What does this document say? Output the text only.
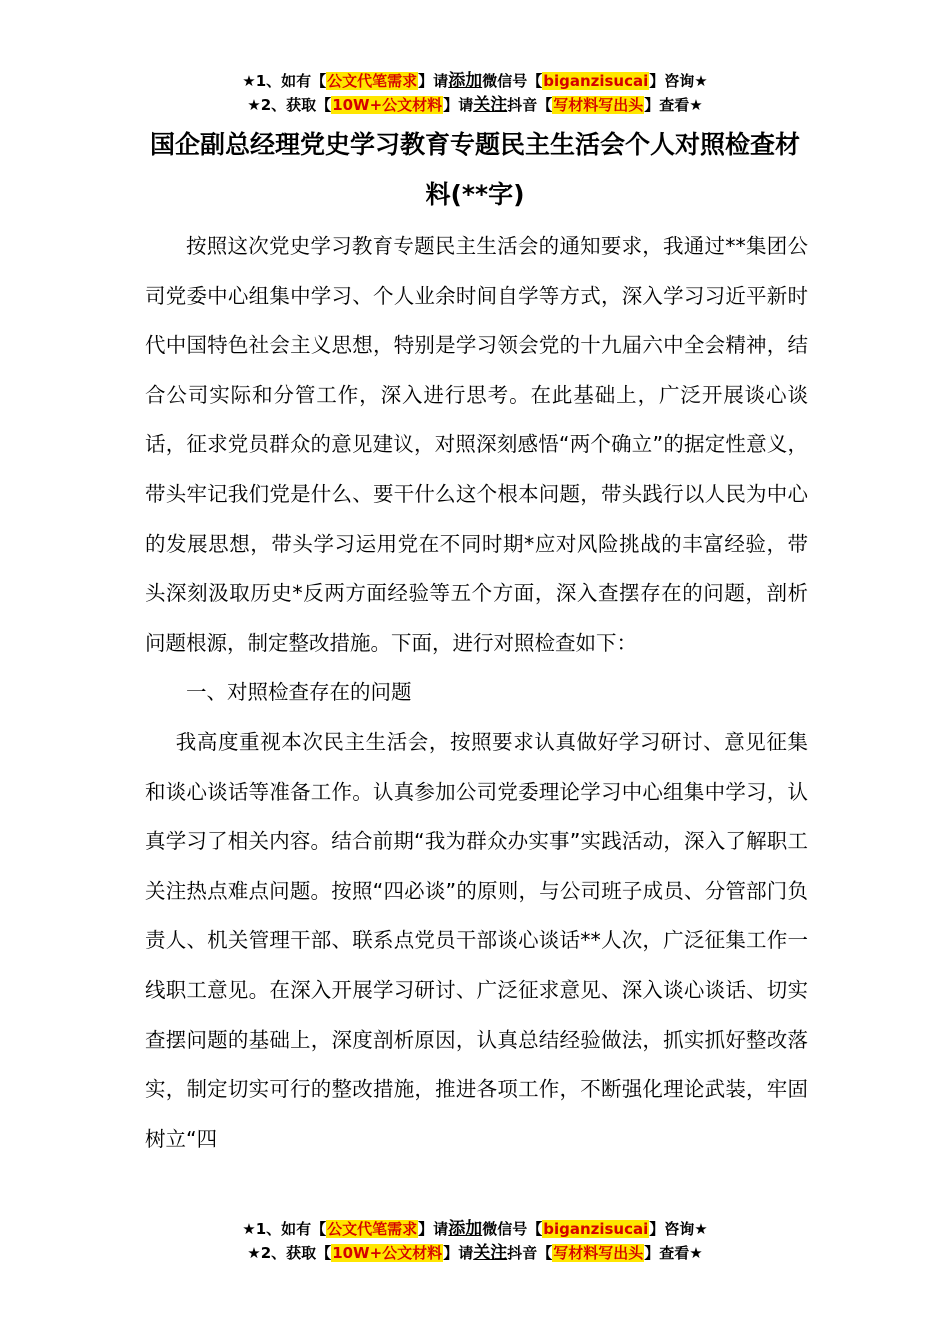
★1、如有【公文代笔需求】请添加微信号【biganzisucai】咨询★
★2、获取【10W+公文材料】请关注抖音【写材料写出头】查看★
国企副总经理党史学习教育专题民主生活会个人对照检查材料(**字)

按照这次党史学习教育专题民主生活会的通知要求，我通过**集团公司党委中心组集中学习、个人业余时间自学等方式，深入学习习近平新时代中国特色社会主义思想，特别是学习领会党的十九届六中全会精神，结合公司实际和分管工作，深入进行思考。在此基础上，广泛开展谈心谈话，征求党员群众的意见建议，对照深刻感悟“两个确立”的据定性意义，带头牢记我们党是什么、要干什么这个根本问题，带头践行以人民为中心的发展思想，带头学习运用党在不同时期*应对风险挑战的丰富经验，带头深刻汲取历史*反两方面经验等五个方面，深入查摆存在的问题，剖析问题根源，制定整改措施。下面，进行对照检查如下：

一、对照检查存在的问题

我高度重视本次民主生活会，按照要求认真做好学习研讨、意见征集和谈心谈话等准备工作。认真参加公司党委理论学习中心组集中学习，认真学习了相关内容。结合前期“我为群众办实事”实践活动，深入了解职工关注热点难点问题。按照“四必谈”的原则，与公司班子成员、分管部门负责人、机关管理干部、联系点党员干部谈心谈话**人次，广泛征集工作一线职工意见。在深入开展学习研讨、广泛征求意见、深入谈心谈话、切实查摆问题的基础上，深度剖析原因，认真总结经验做法，抓实抓好整改落实，制定切实可行的整改措施，推进各项工作，不断强化理论武装，牢固树立“四

★1、如有【公文代笔需求】请添加微信号【biganzisucai】咨询★
★2、获取【10W+公文材料】请关注抖音【写材料写出头】查看★
